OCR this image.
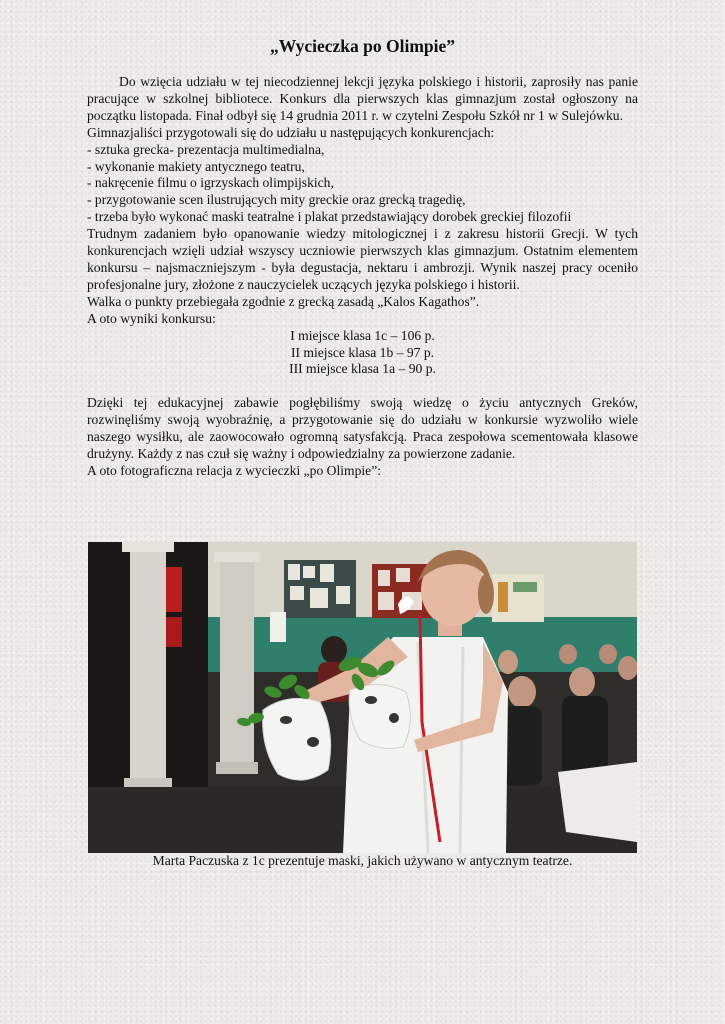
„Wycieczka po Olimpie”

Do wzięcia udziału w tej niecodziennej lekcji języka polskiego i historii, zaprosiły nas panie pracujące w szkolnej bibliotece. Konkurs dla pierwszych klas gimnazjum został ogłoszony na początku listopada. Finał odbył się 14 grudnia 2011 r. w czytelni Zespołu Szkół nr 1 w Sulejówku.

Gimnazjaliści przygotowali się do udziału u następujących konkurencjach:

- sztuka grecka- prezentacja multimedialna,

- wykonanie makiety antycznego teatru,

- nakręcenie filmu o igrzyskach olimpijskich,

- przygotowanie scen ilustrujących mity greckie oraz grecką tragedię,

- trzeba było wykonać maski teatralne i plakat przedstawiający dorobek greckiej filozofii

Trudnym zadaniem było opanowanie wiedzy mitologicznej i z zakresu historii Grecji. W tych konkurencjach wzięli udział wszyscy uczniowie pierwszych klas gimnazjum. Ostatnim elementem konkursu – najsmaczniejszym - była degustacja, nektaru i ambrozji. Wynik naszej pracy ocenił​o profesjonalne jury, złożone z nauczycielek uczących języka polskiego i historii.

Walka o punkty przebiegała zgodnie z grecką zasadą „Kalos Kagathos”.

A oto wyniki konkursu:

I miejsce klasa 1c – 106 p.
II miejsce klasa 1b – 97 p.
III miejsce klasa 1a – 90 p.

Dzięki tej edukacyjnej zabawie pogłębiliśmy swoją wiedzę o życiu antycznych Greków, rozwinęliśmy swoją wyobraźnię, a przygotowanie się do udziału w konkursie wyzwoliło wiele naszego wysiłku, ale zaowocowało ogromną satysfakcją. Praca zespołowa scementowała klasowe drużyny. Każdy z nas czuł się ważny i odpowiedzialny za powierzone zadanie.

A oto fotograficzna relacja z wycieczki „po Olimpie”:

Marta Paczuska z 1c prezentuje maski, jakich używano w antycznym teatrze.
